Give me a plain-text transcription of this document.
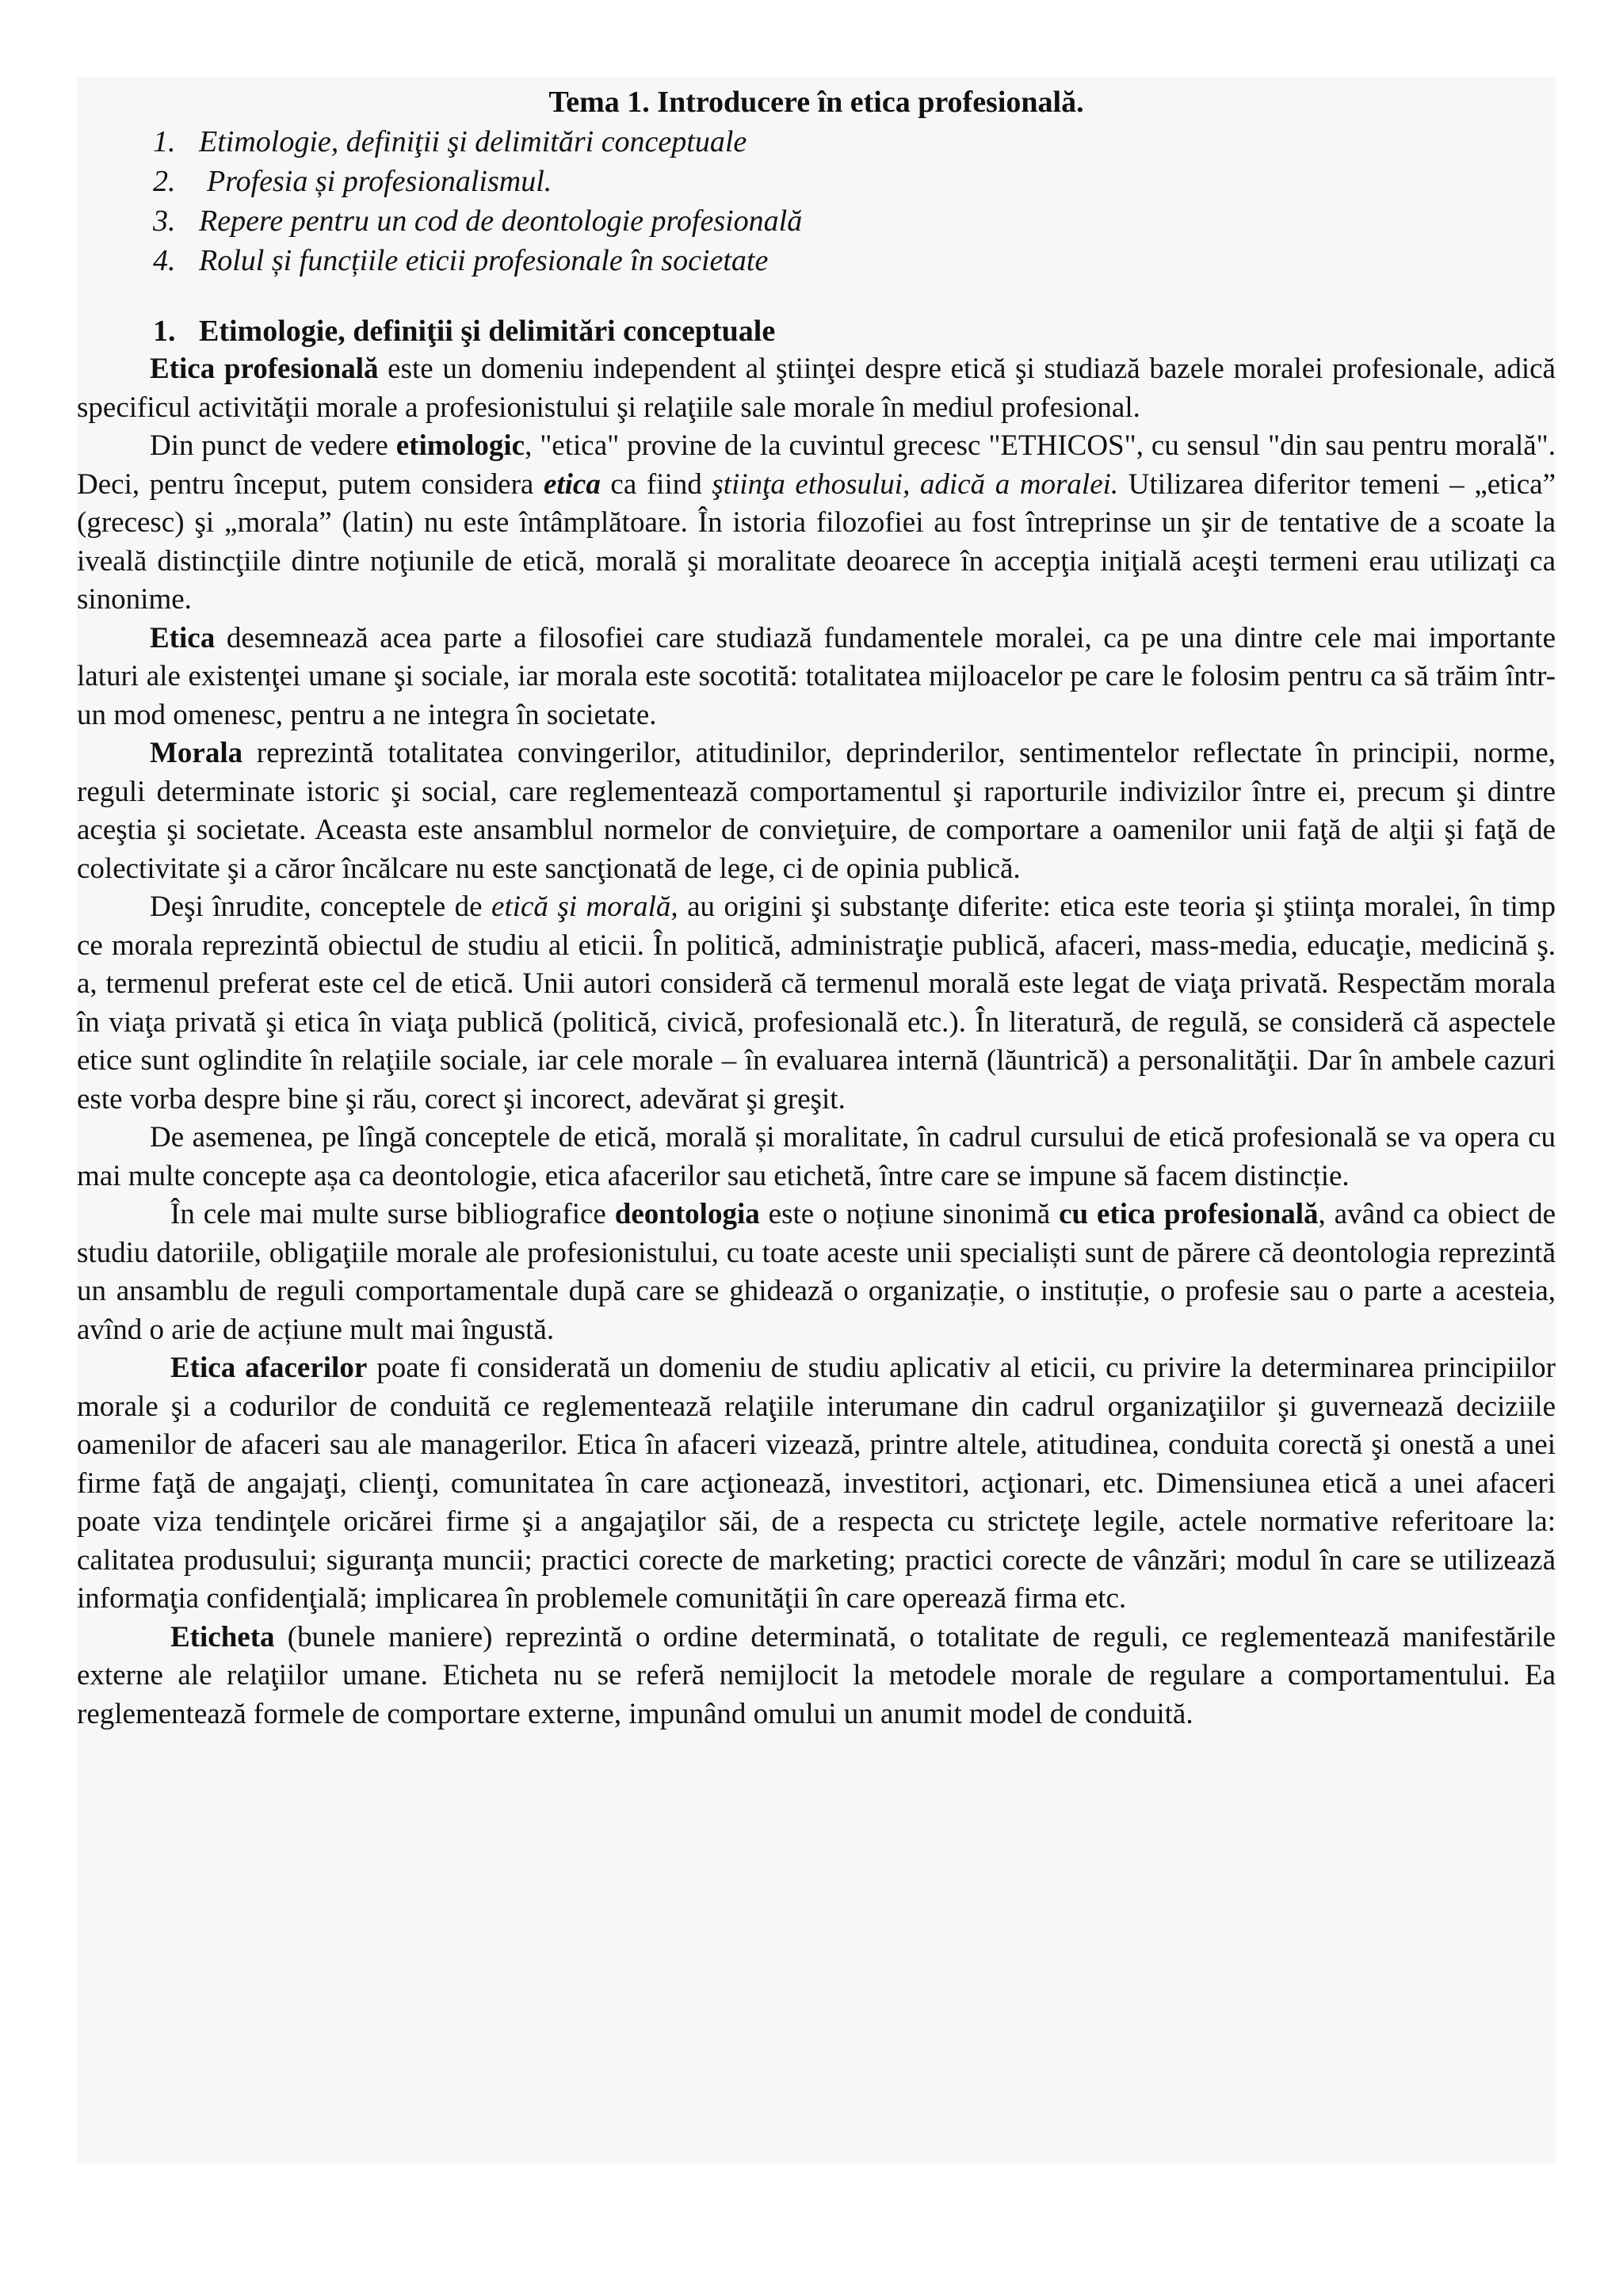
Tema 1. Introducere în etica profesională.

1. Etimologie, definiţii şi delimitări conceptuale
2.	Profesia și profesionalismul.
3. Repere pentru un cod de deontologie profesională
4. Rolul și funcțiile eticii profesionale în societate
1. Etimologie, definiţii şi delimitări conceptuale

Etica profesională este un domeniu independent al ştiinţei despre etică şi studiază bazele moralei profesionale, adică specificul activităţii morale a profesionistului şi relaţiile sale morale în mediul profesional.

Din punct de vedere etimologic, "etica" provine de la cuvintul grecesc "ETHICOS", cu sensul "din sau pentru morală". Deci, pentru început, putem considera etica ca fiind ştiinţa ethosului, adică a moralei. Utilizarea diferitor temeni – „etica” (grecesc) şi „morala” (latin) nu este întâmplătoare. În istoria filozofiei au fost întreprinse un şir de tentative de a scoate la iveală distincţiile dintre noţiunile de etică, morală şi moralitate deoarece în accepţia iniţială aceşti termeni erau utilizaţi ca sinonime.

Etica desemnează acea parte a filosofiei care studiază fundamentele moralei, ca pe una dintre cele mai importante laturi ale existenţei umane şi sociale, iar morala este socotită: totalitatea mijloacelor pe care le folosim pentru ca să trăim într-un mod omenesc, pentru a ne integra în societate.

Morala reprezintă totalitatea convingerilor, atitudinilor, deprinderilor, sentimentelor reflectate în principii, norme, reguli determinate istoric şi social, care reglementează comportamentul şi raporturile indivizilor între ei, precum şi dintre aceştia şi societate. Aceasta este ansamblul normelor de convieţuire, de comportare a oamenilor unii faţă de alţii şi faţă de colectivitate şi a căror încălcare nu este sancţionată de lege, ci de opinia publică.

Deşi înrudite, conceptele de etică şi morală, au origini şi substanţe diferite: etica este teoria şi ştiinţa moralei, în timp ce morala reprezintă obiectul de studiu al eticii. În politică, administraţie publică, afaceri, mass-media, educaţie, medicină ş. a, termenul preferat este cel de etică. Unii autori consideră că termenul morală este legat de viaţa privată. Respectăm morala în viaţa privată şi etica în viaţa publică (politică, civică, profesională etc.). În literatură, de regulă, se consideră că aspectele etice sunt oglindite în relaţiile sociale, iar cele morale – în evaluarea internă (lăuntrică) a personalităţii. Dar în ambele cazuri este vorba despre bine şi rău, corect şi incorect, adevărat şi greşit.

De asemenea, pe lîngă conceptele de etică, morală și moralitate, în cadrul cursului de etică profesională se va opera cu mai multe concepte așa ca deontologie, etica afacerilor sau etichetă, între care se impune să facem distincție.

În cele mai multe surse bibliografice deontologia este o noțiune sinonimă cu etica profesională, având ca obiect de studiu datoriile, obligaţiile morale ale profesionistului, cu toate aceste unii specialiști sunt de părere că deontologia reprezintă un ansamblu de reguli comportamentale după care se ghidează o organizație, o instituție, o profesie sau o parte a acesteia, avînd o arie de acțiune mult mai îngustă.

Etica afacerilor poate fi considerată un domeniu de studiu aplicativ al eticii, cu privire la determinarea principiilor morale şi a codurilor de conduită ce reglementează relaţiile interumane din cadrul organizaţiilor şi guvernează deciziile oamenilor de afaceri sau ale managerilor. Etica în afaceri vizează, printre altele, atitudinea, conduita corectă şi onestă a unei firme faţă de angajaţi, clienţi, comunitatea în care acţionează, investitori, acţionari, etc. Dimensiunea etică a unei afaceri poate viza tendinţele oricărei firme şi a angajaţilor săi, de a respecta cu stricteţe legile, actele normative referitoare la: calitatea produsului; siguranţa muncii; practici corecte de marketing; practici corecte de vânzări; modul în care se utilizează informaţia confidenţială; implicarea în problemele comunităţii în care operează firma etc.

Eticheta (bunele maniere) reprezintă o ordine determinată, o totalitate de reguli, ce reglementează manifestările externe ale relaţiilor umane. Eticheta nu se referă nemijlocit la metodele morale de regulare a comportamentului. Ea reglementează formele de comportare externe, impunând omului un anumit model de conduită.
